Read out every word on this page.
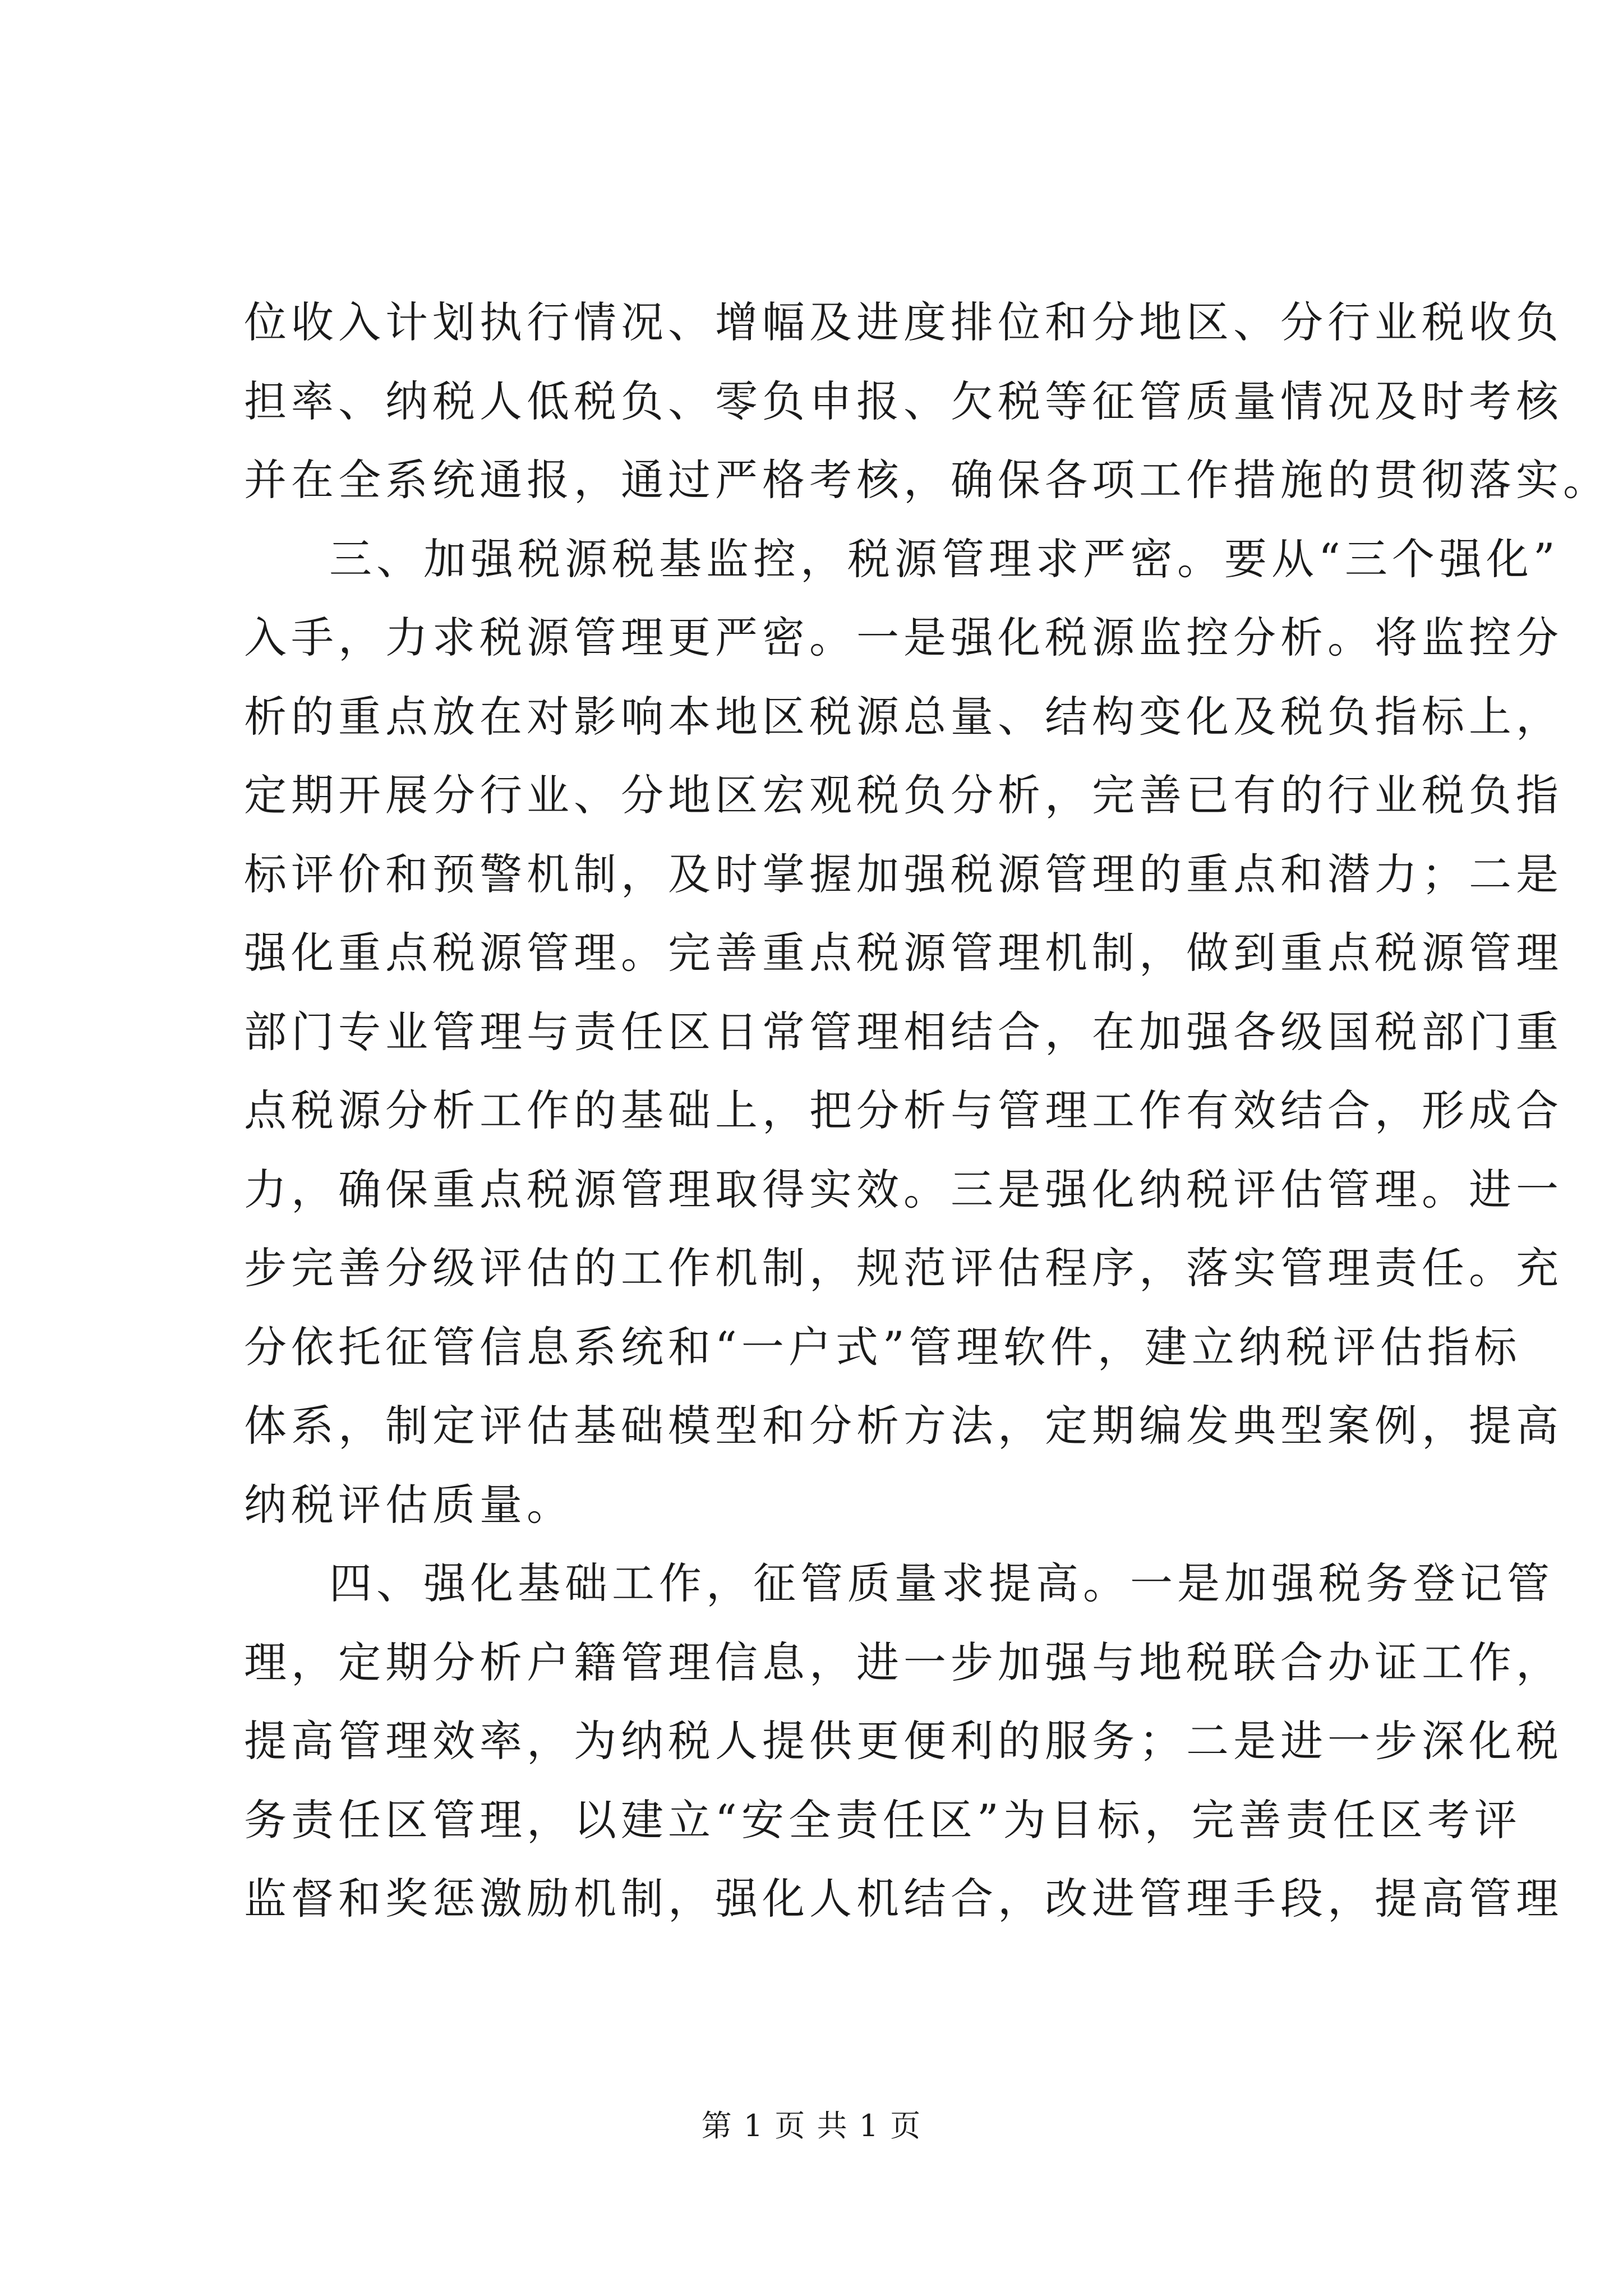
位收入计划执行情况、增幅及进度排位和分地区、分行业税收负
担率、纳税人低税负、零负申报、欠税等征管质量情况及时考核
并在全系统通报，通过严格考核，确保各项工作措施的贯彻落实。
三、加强税源税基监控，税源管理求严密。要从“三个强化”
入手，力求税源管理更严密。一是强化税源监控分析。将监控分
析的重点放在对影响本地区税源总量、结构变化及税负指标上，
定期开展分行业、分地区宏观税负分析，完善已有的行业税负指
标评价和预警机制，及时掌握加强税源管理的重点和潜力；二是
强化重点税源管理。完善重点税源管理机制，做到重点税源管理
部门专业管理与责任区日常管理相结合，在加强各级国税部门重
点税源分析工作的基础上，把分析与管理工作有效结合，形成合
力，确保重点税源管理取得实效。三是强化纳税评估管理。进一
步完善分级评估的工作机制，规范评估程序，落实管理责任。充
分依托征管信息系统和“一户式”管理软件，建立纳税评估指标
体系，制定评估基础模型和分析方法，定期编发典型案例，提高
纳税评估质量。
四、强化基础工作，征管质量求提高。一是加强税务登记管
理，定期分析户籍管理信息，进一步加强与地税联合办证工作，
提高管理效率，为纳税人提供更便利的服务；二是进一步深化税
务责任区管理，以建立“安全责任区”为目标，完善责任区考评
监督和奖惩激励机制，强化人机结合，改进管理手段，提高管理
第 1 页 共 1 页
